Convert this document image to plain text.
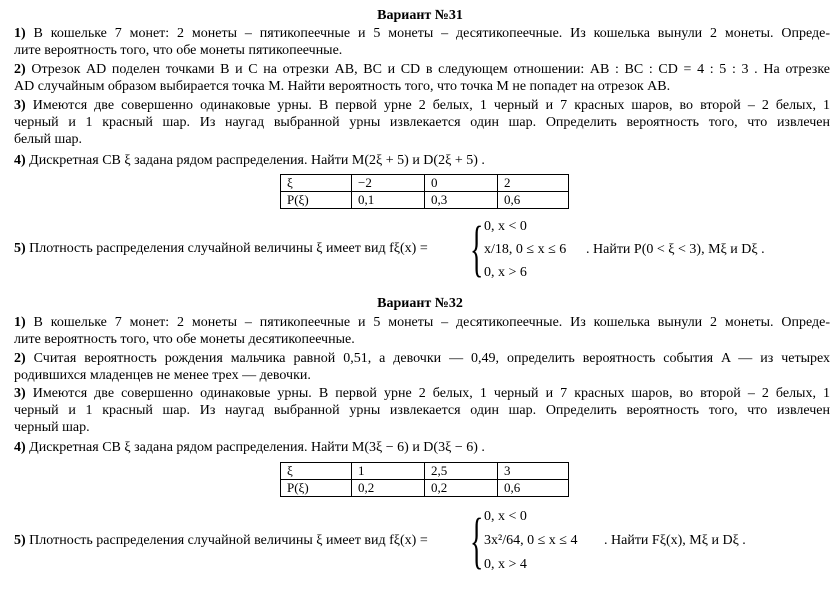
Вариант №31
1) В кошельке 7 монет: 2 монеты – пятикопеечные и 5 монеты – десятикопеечные. Из кошелька вынули 2 монеты. Опреде-
лите вероятность того, что обе монеты пятикопеечные.
2) Отрезок AD поделен точками B и C на отрезки AB, BC и CD в следующем отношении: AB : BC : CD = 4 : 5 : 3 . На отрезке
AD случайным образом выбирается точка M. Найти вероятность того, что точка M не попадет на отрезок AB.
3) Имеются две совершенно одинаковые урны. В первой урне 2 белых, 1 черный и 7 красных шаров, во второй – 2 белых, 1
черный и 1 красный шар. Из наугад выбранной урны извлекается один шар. Определить вероятность того, что извлечен
белый шар.
4) Дискретная СВ ξ задана рядом распределения. Найти M(2ξ + 5) и D(2ξ + 5) .
ξ	−2	0	2
P(ξ)	0,1	0,3	0,6
5) Плотность распределения случайной величины ξ имеет вид fξ(x) = { 0, x < 0
x/18, 0 ≤ x ≤ 6
0, x > 6
. Найти P(0 < ξ < 3), Mξ и Dξ .
Вариант №32
1) В кошельке 7 монет: 2 монеты – пятикопеечные и 5 монеты – десятикопеечные. Из кошелька вынули 2 монеты. Опреде-
лите вероятность того, что обе монеты десятикопеечные.
2) Считая вероятность рождения мальчика равной 0,51, а девочки — 0,49, определить вероятность события A — из четырех
родившихся младенцев не менее трех — девочки.
3) Имеются две совершенно одинаковые урны. В первой урне 2 белых, 1 черный и 7 красных шаров, во второй – 2 белых, 1
черный и 1 красный шар. Из наугад выбранной урны извлекается один шар. Определить вероятность того, что извлечен
черный шар.
4) Дискретная СВ ξ задана рядом распределения. Найти M(3ξ − 6) и D(3ξ − 6) .
ξ	1	2,5	3
P(ξ)	0,2	0,2	0,6
5) Плотность распределения случайной величины ξ имеет вид fξ(x) = { 0, x < 0
3x²/64, 0 ≤ x ≤ 4
0, x > 4
. Найти Fξ(x), Mξ и Dξ .
